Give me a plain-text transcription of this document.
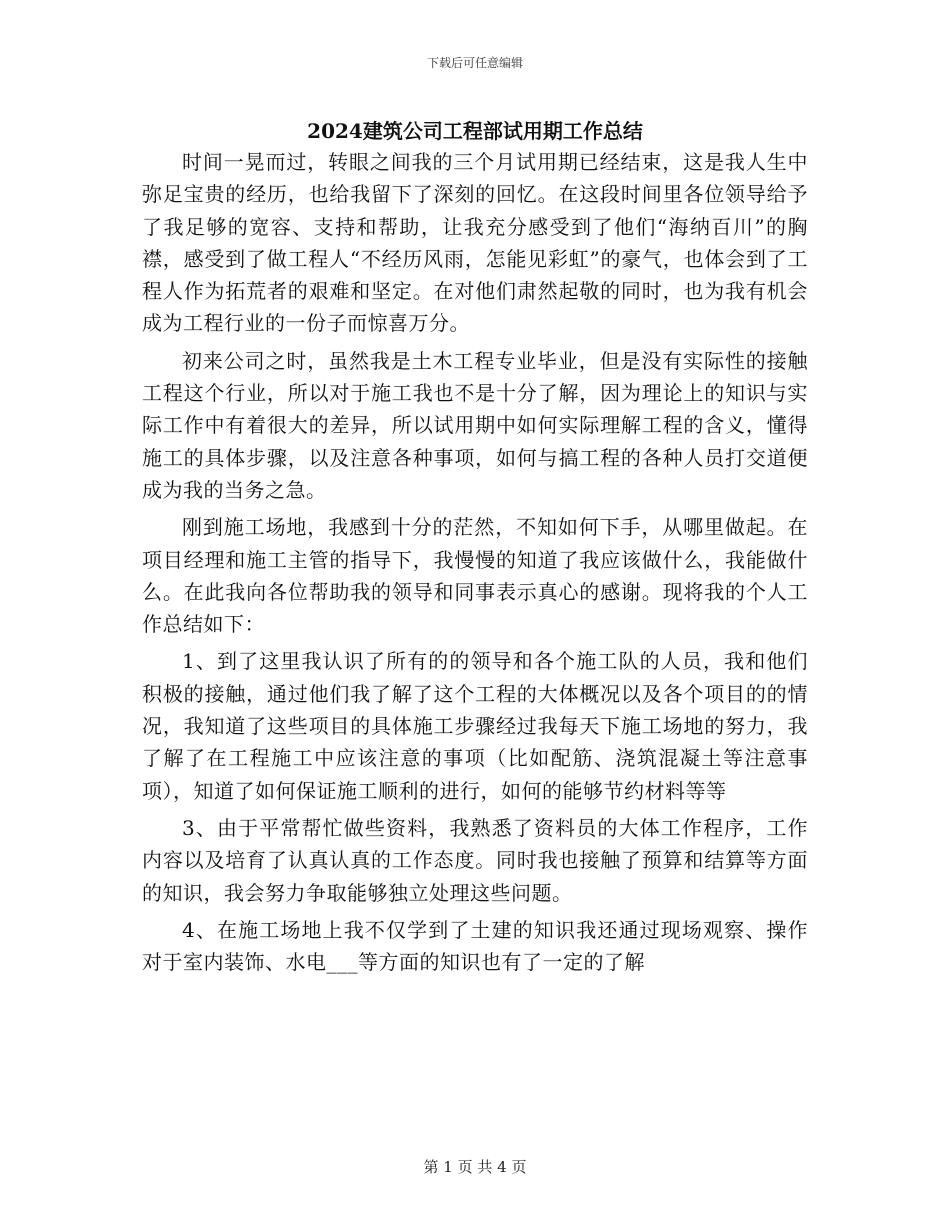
下载后可任意编辑
2024建筑公司工程部试用期工作总结

时间一晃而过，转眼之间我的三个月试用期已经结束，这是我人生中弥足宝贵的经历，也给我留下了深刻的回忆。在这段时间里各位领导给予了我足够的宽容、支持和帮助，让我充分感受到了他们“海纳百川”的胸襟，感受到了做工程人“不经历风雨，怎能见彩虹”的豪气，也体会到了工程人作为拓荒者的艰难和坚定。在对他们肃然起敬的同时，也为我有机会成为工程行业的一份子而惊喜万分。

初来公司之时，虽然我是土木工程专业毕业，但是没有实际性的接触工程这个行业，所以对于施工我也不是十分了解，因为理论上的知识与实际工作中有着很大的差异，所以试用期中如何实际理解工程的含义，懂得施工的具体步骤，以及注意各种事项，如何与搞工程的各种人员打交道便成为我的当务之急。

刚到施工场地，我感到十分的茫然，不知如何下手，从哪里做起。在项目经理和施工主管的指导下，我慢慢的知道了我应该做什么，我能做什么。在此我向各位帮助我的领导和同事表示真心的感谢。现将我的个人工作总结如下：

1、到了这里我认识了所有的的领导和各个施工队的人员，我和他们积极的接触，通过他们我了解了这个工程的大体概况以及各个项目的的情况，我知道了这些项目的具体施工步骤经过我每天下施工场地的努力，我了解了在工程施工中应该注意的事项（比如配筋、浇筑混凝土等注意事项），知道了如何保证施工顺利的进行，如何的能够节约材料等等

3、由于平常帮忙做些资料，我熟悉了资料员的大体工作程序，工作内容以及培育了认真认真的工作态度。同时我也接触了预算和结算等方面的知识，我会努力争取能够独立处理这些问题。

4、在施工场地上我不仅学到了土建的知识我还通过现场观察、操作对于室内装饰、水电___等方面的知识也有了一定的了解

第 1 页 共 4 页
